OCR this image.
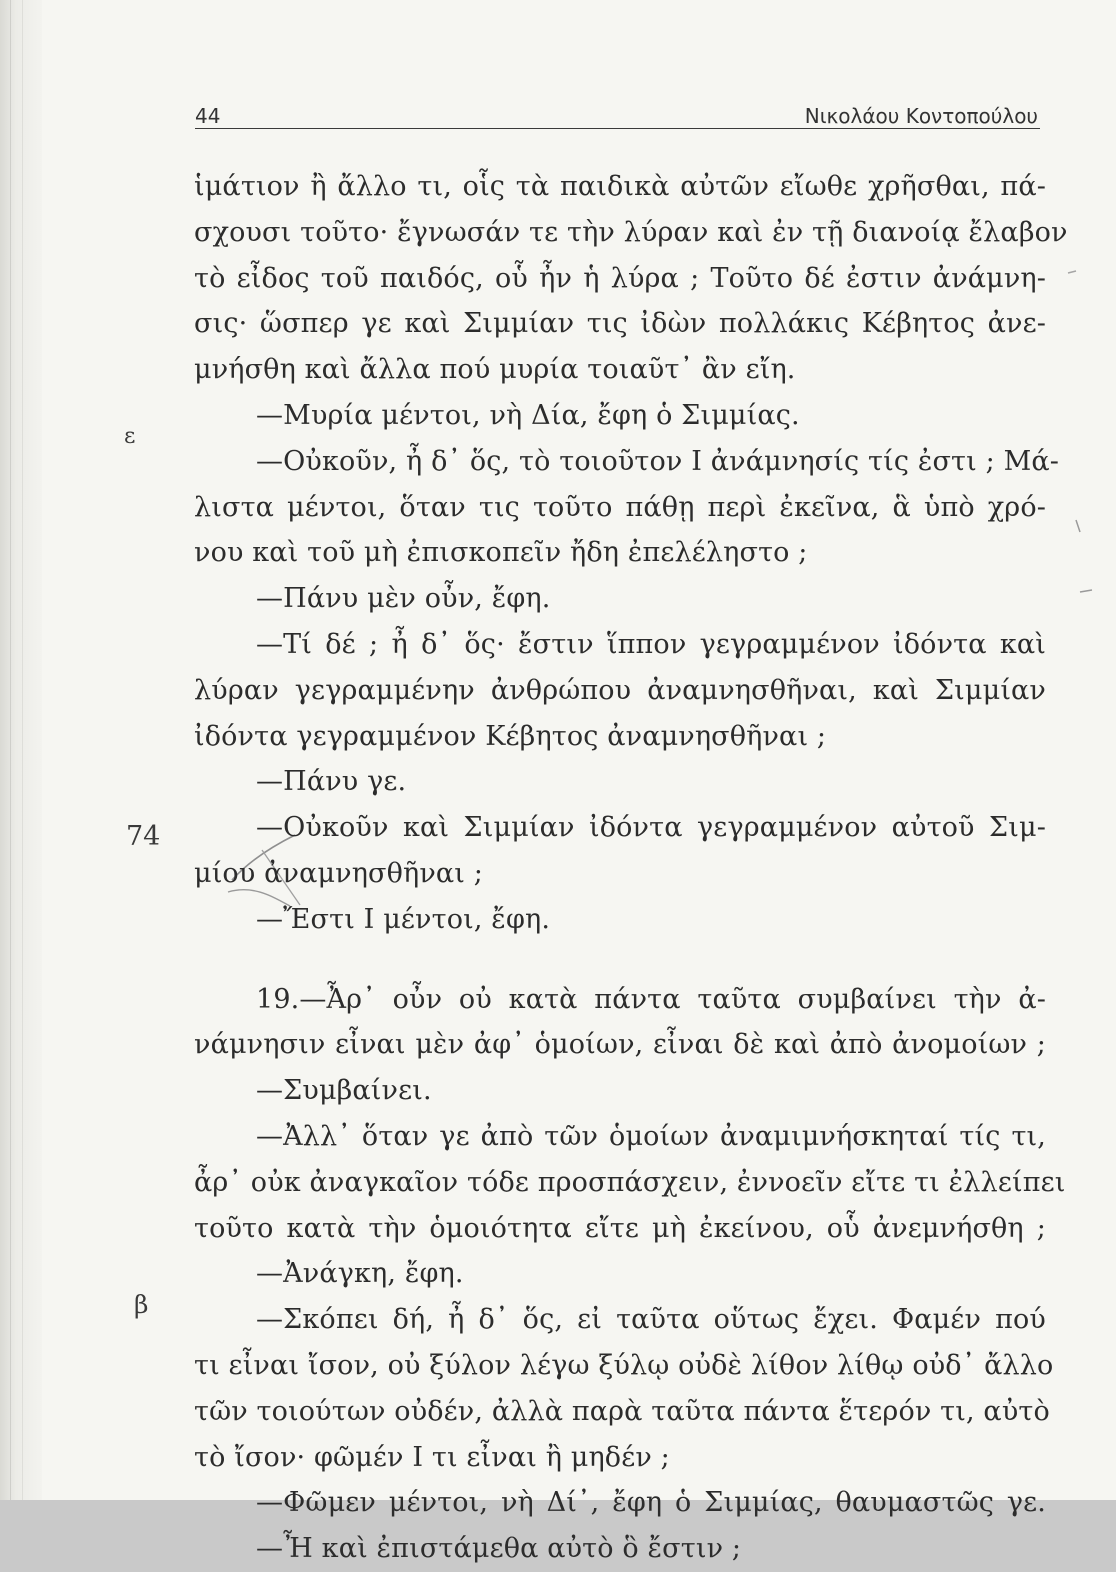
44	Νικολάου Κοντοπούλου
ε
74
β
ἱμάτιον ἢ ἄλλο τι, οἷς τὰ παιδικὰ αὐτῶν εἴωθε χρῆσθαι, πά-
σχουσι τοῦτο· ἔγνωσάν τε τὴν λύραν καὶ ἐν τῇ διανοίᾳ ἔλαβον
τὸ εἶδος τοῦ παιδός, οὗ ἦν ἡ λύρα ; Τοῦτο δέ ἐστιν ἀνάμνη-
σις· ὥσπερ γε καὶ Σιμμίαν τις ἰδὼν πολλάκις Κέβητος ἀνε-
μνήσθη καὶ ἄλλα πού μυρία τοιαῦτ᾽ ἂν εἴη.
—Μυρία μέντοι, νὴ Δία, ἔφη ὁ Σιμμίας.
—Οὐκοῦν, ἦ δ᾽ ὅς, τὸ τοιοῦτον Ι ἀνάμνησίς τίς ἐστι ; Μά-
λιστα μέντοι, ὅταν τις τοῦτο πάθῃ περὶ ἐκεῖνα, ἃ ὑπὸ χρό-
νου καὶ τοῦ μὴ ἐπισκοπεῖν ἤδη ἐπελέληστο ;
—Πάνυ μὲν οὖν, ἔφη.
—Τί δέ ; ἦ δ᾽ ὅς· ἔστιν ἵππον γεγραμμένον ἰδόντα καὶ
λύραν γεγραμμένην ἀνθρώπου ἀναμνησθῆναι, καὶ Σιμμίαν
ἰδόντα γεγραμμένον Κέβητος ἀναμνησθῆναι ;
—Πάνυ γε.
—Οὐκοῦν καὶ Σιμμίαν ἰδόντα γεγραμμένον αὐτοῦ Σιμ-
μίου ἀναμνησθῆναι ;
—Ἔστι Ι μέντοι, ἔφη.
19.—Ἆρ᾽ οὖν οὐ κατὰ πάντα ταῦτα συμβαίνει τὴν ἀ-
νάμνησιν εἶναι μὲν ἀφ᾽ ὁμοίων, εἶναι δὲ καὶ ἀπὸ ἀνομοίων ;
—Συμβαίνει.
—Ἀλλ᾽ ὅταν γε ἀπὸ τῶν ὁμοίων ἀναμιμνήσκηταί τίς τι,
ἆρ᾽ οὐκ ἀναγκαῖον τόδε προσπάσχειν, ἐννοεῖν εἴτε τι ἐλλείπει
τοῦτο κατὰ τὴν ὁμοιότητα εἴτε μὴ ἐκείνου, οὗ ἀνεμνήσθη ;
—Ἀνάγκη, ἔφη.
—Σκόπει δή, ἦ δ᾽ ὅς, εἰ ταῦτα οὕτως ἔχει. Φαμέν πού
τι εἶναι ἴσον, οὐ ξύλον λέγω ξύλῳ οὐδὲ λίθον λίθῳ οὐδ᾽ ἄλλο
τῶν τοιούτων οὐδέν, ἀλλὰ παρὰ ταῦτα πάντα ἕτερόν τι, αὐτὸ
τὸ ἴσον· φῶμέν Ι τι εἶναι ἢ μηδέν ;
—Φῶμεν μέντοι, νὴ Δί᾽, ἔφη ὁ Σιμμίας, θαυμαστῶς γε.
—Ἦ καὶ ἐπιστάμεθα αὐτὸ ὃ ἔστιν ;
